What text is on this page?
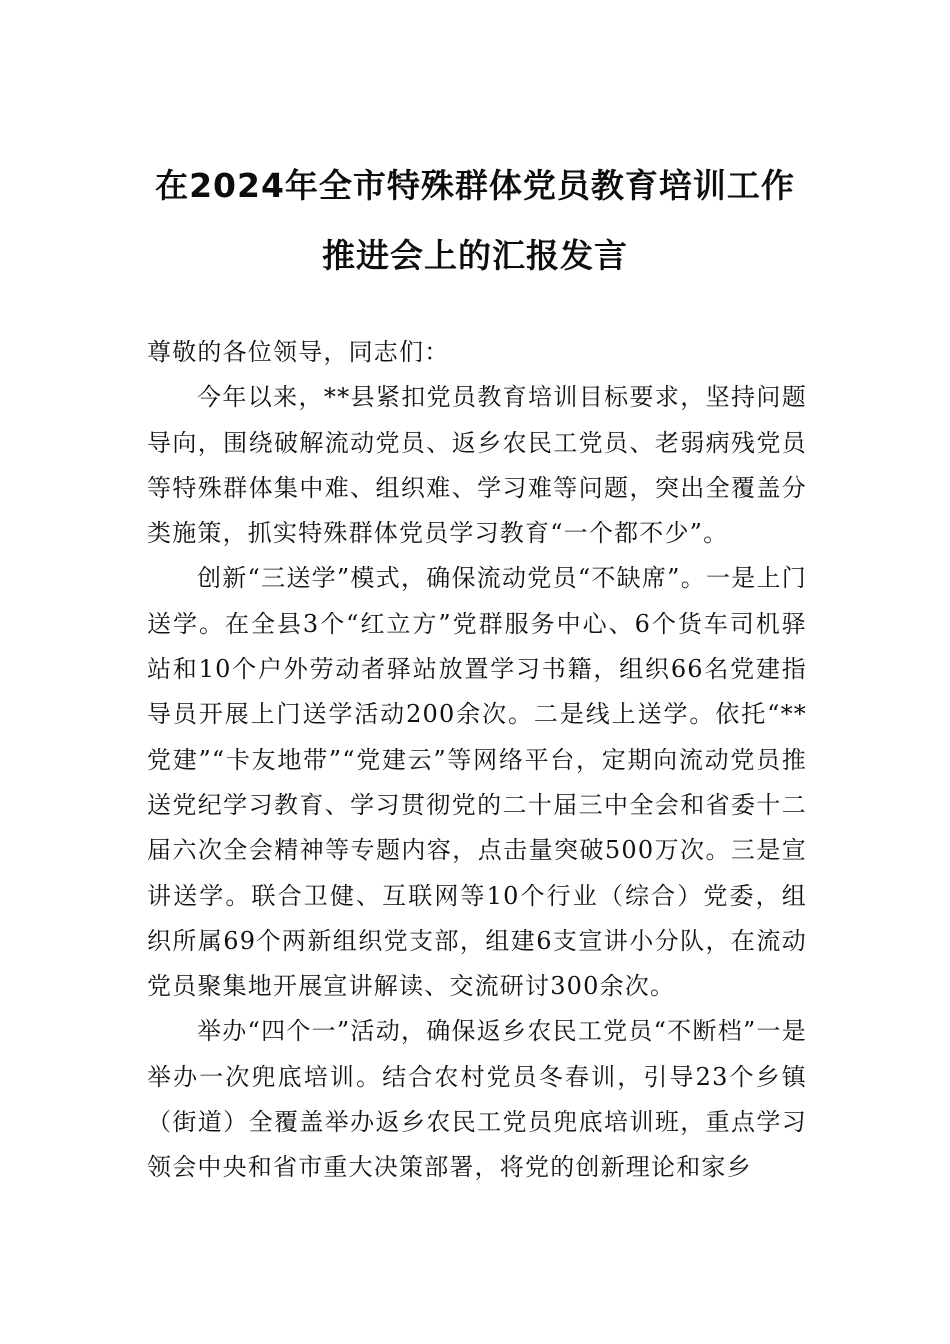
在2024年全市特殊群体党员教育培训工作
推进会上的汇报发言

尊敬的各位领导，同志们：

今年以来，**县紧扣党员教育培训目标要求，坚持问题导向，围绕破解流动党员、返乡农民工党员、老弱病残党员等特殊群体集中难、组织难、学习难等问题，突出全覆盖分类施策，抓实特殊群体党员学习教育“一个都不少”。

创新“三送学”模式，确保流动党员“不缺席”。一是上门送学。在全县3个“红立方”党群服务中心、6个货车司机驿站和10个户外劳动者驿站放置学习书籍，组织66名党建指导员开展上门送学活动200余次。二是线上送学。依托“**党建”“卡友地带”“党建云”等网络平台，定期向流动党员推送党纪学习教育、学习贯彻党的二十届三中全会和省委十二届六次全会精神等专题内容，点击量突破500万次。三是宣讲送学。联合卫健、互联网等10个行业（综合）党委，组织所属69个两新组织党支部，组建6支宣讲小分队，在流动党员聚集地开展宣讲解读、交流研讨300余次。

举办“四个一”活动，确保返乡农民工党员“不断档”一是举办一次兜底培训。结合农村党员冬春训，引导23个乡镇（街道）全覆盖举办返乡农民工党员兜底培训班，重点学习领会中央和省市重大决策部署，将党的创新理论和家乡
